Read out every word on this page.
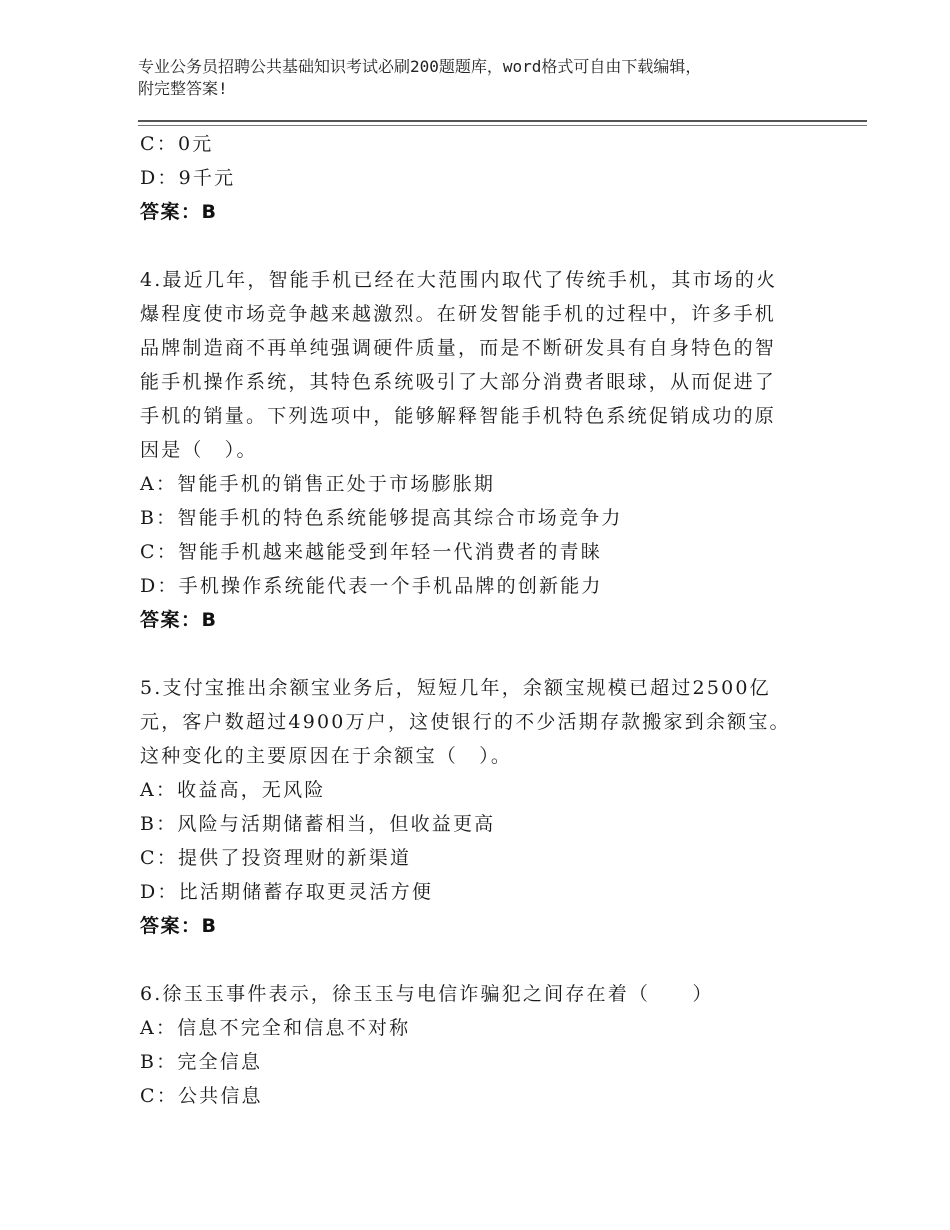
专业公务员招聘公共基础知识考试必刷200题题库，word格式可自由下载编辑，
附完整答案!
C：0元
D：9千元
答案：B
4.最近几年，智能手机已经在大范围内取代了传统手机，其市场的火
爆程度使市场竞争越来越激烈。在研发智能手机的过程中，许多手机
品牌制造商不再单纯强调硬件质量，而是不断研发具有自身特色的智
能手机操作系统，其特色系统吸引了大部分消费者眼球，从而促进了
手机的销量。下列选项中，能够解释智能手机特色系统促销成功的原
因是（　）。
A：智能手机的销售正处于市场膨胀期
B：智能手机的特色系统能够提高其综合市场竞争力
C：智能手机越来越能受到年轻一代消费者的青睐
D：手机操作系统能代表一个手机品牌的创新能力
答案：B
5.支付宝推出余额宝业务后，短短几年，余额宝规模已超过2500亿
元，客户数超过4900万户，这使银行的不少活期存款搬家到余额宝。
这种变化的主要原因在于余额宝（　）。
A：收益高，无风险
B：风险与活期储蓄相当，但收益更高
C：提供了投资理财的新渠道
D：比活期储蓄存取更灵活方便
答案：B
6.徐玉玉事件表示，徐玉玉与电信诈骗犯之间存在着（　　）
A：信息不完全和信息不对称
B：完全信息
C：公共信息
